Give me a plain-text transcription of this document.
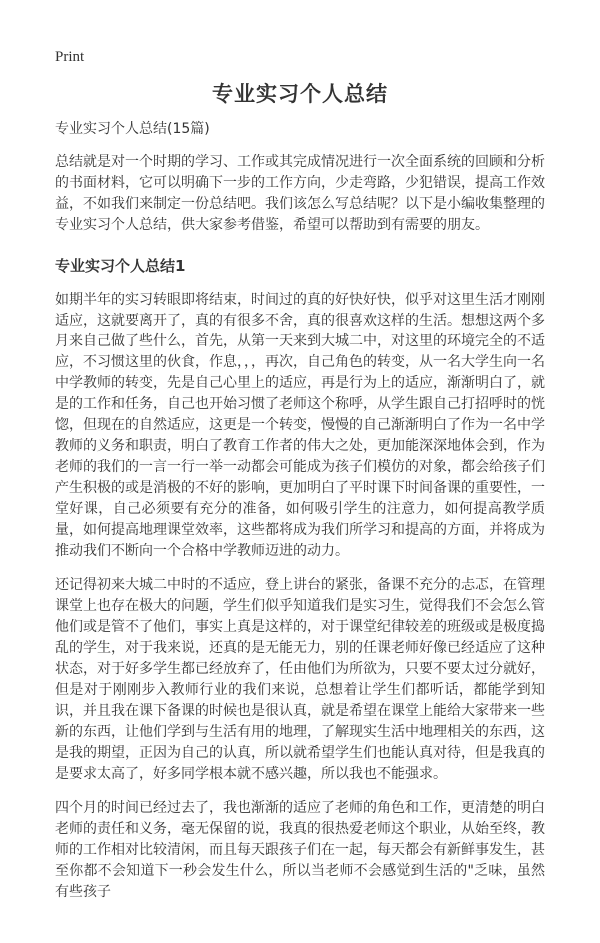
Print
专业实习个人总结

专业实习个人总结(15篇)

总结就是对一个时期的学习、工作或其完成情况进行一次全面系统的回顾和分析的书面材料，它可以明确下一步的工作方向，少走弯路，少犯错误，提高工作效益，不如我们来制定一份总结吧。我们该怎么写总结呢？以下是小编收集整理的专业实习个人总结，供大家参考借鉴，希望可以帮助到有需要的朋友。

专业实习个人总结1

如期半年的实习转眼即将结束，时间过的真的好快好快，似乎对这里生活才刚刚适应，这就要离开了，真的有很多不舍，真的很喜欢这样的生活。想想这两个多月来自己做了些什么，首先，从第一天来到大城二中，对这里的环境完全的不适应，不习惯这里的伙食，作息，，，再次，自己角色的转变，从一名大学生向一名中学教师的转变，先是自己心里上的适应，再是行为上的适应，渐渐明白了，就是的工作和任务，自己也开始习惯了老师这个称呼，从学生跟自己打招呼时的恍惚，但现在的自然适应，这更是一个转变，慢慢的自己渐渐明白了作为一名中学教师的义务和职责，明白了教育工作者的伟大之处，更加能深深地体会到，作为老师的我们的一言一行一举一动都会可能成为孩子们模仿的对象，都会给孩子们产生积极的或是消极的不好的影响，更加明白了平时课下时间备课的重要性，一堂好课，自己必须要有充分的准备，如何吸引学生的注意力，如何提高教学质量，如何提高地理课堂效率，这些都将成为我们所学习和提高的方面，并将成为推动我们不断向一个合格中学教师迈进的动力。

还记得初来大城二中时的不适应，登上讲台的紧张，备课不充分的忐忑，在管理课堂上也存在极大的问题，学生们似乎知道我们是实习生，觉得我们不会怎么管他们或是管不了他们，事实上真是这样的，对于课堂纪律较差的班级或是极度捣乱的学生，对于我来说，还真的是无能无力，别的任课老师好像已经适应了这种状态，对于好多学生都已经放弃了，任由他们为所欲为，只要不要太过分就好，但是对于刚刚步入教师行业的我们来说，总想着让学生们都听话，都能学到知识，并且我在课下备课的时候也是很认真，就是希望在课堂上能给大家带来一些新的东西，让他们学到与生活有用的地理，了解现实生活中地理相关的东西，这是我的期望，正因为自己的认真，所以就希望学生们也能认真对待，但是我真的是要求太高了，好多同学根本就不感兴趣，所以我也不能强求。

四个月的时间已经过去了，我也渐渐的适应了老师的角色和工作，更清楚的明白老师的责任和义务，毫无保留的说，我真的很热爱老师这个职业，从始至终，教师的工作相对比较清闲，而且每天跟孩子们在一起，每天都会有新鲜事发生，甚至你都不会知道下一秒会发生什么，所以当老师不会感觉到生活的"乏味，虽然有些孩子
